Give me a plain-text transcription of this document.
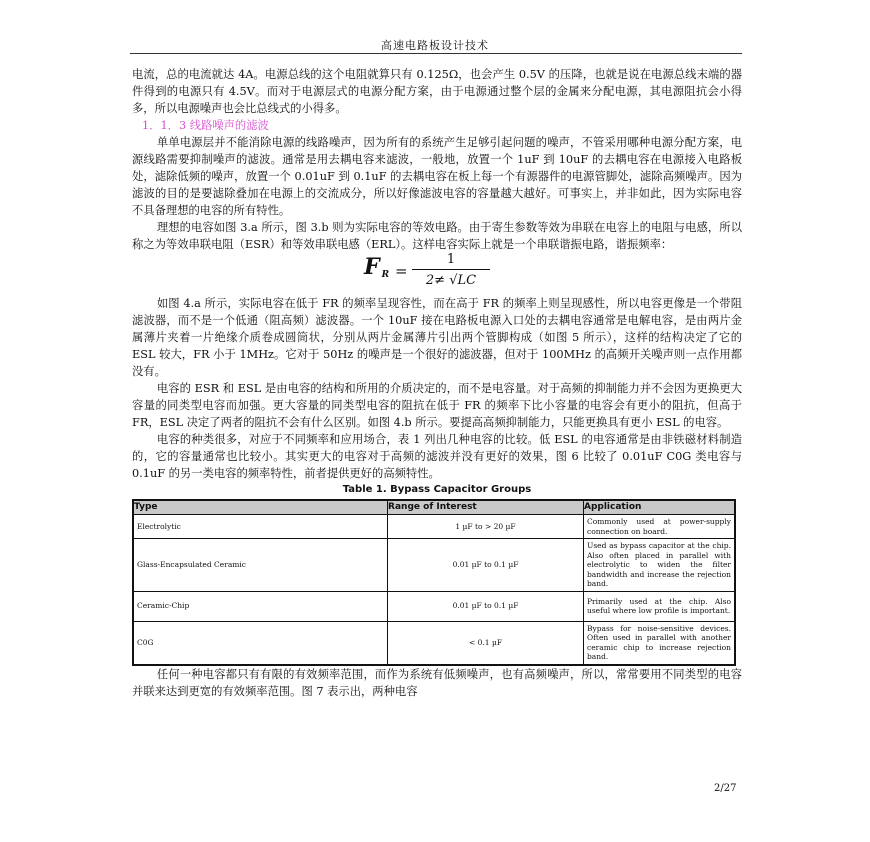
高速电路板设计技术

电流，总的电流就达 4A。电源总线的这个电阻就算只有 0.125Ω，也会产生 0.5V 的压降，也就是说在电源总线末端的器件得到的电源只有 4.5V。而对于电源层式的电源分配方案，由于电源通过整个层的金属来分配电源，其电源阻抗会小得多，所以电源噪声也会比总线式的小得多。

1．1．3 线路噪声的滤波

单单电源层并不能消除电源的线路噪声，因为所有的系统产生足够引起问题的噪声，不管采用哪种电源分配方案，电源线路需要抑制噪声的滤波。通常是用去耦电容来滤波，一般地，放置一个 1uF 到 10uF 的去耦电容在电源接入电路板处，滤除低频的噪声，放置一个 0.01uF 到 0.1uF 的去耦电容在板上每一个有源器件的电源管脚处，滤除高频噪声。因为滤波的目的是要滤除叠加在电源上的交流成分，所以好像滤波电容的容量越大越好。可事实上，并非如此，因为实际电容不具备理想的电容的所有特性。

理想的电容如图 3.a 所示，图 3.b 则为实际电容的等效电路。由于寄生参数等效为串联在电容上的电阻与电感，所以称之为等效串联电阻（ESR）和等效串联电感（ERL）。这样电容实际上就是一个串联谐振电路，谐振频率：

F $_R = \frac{1}{2\ne √LC}$

如图 4.a 所示，实际电容在低于 FR 的频率呈现容性，而在高于 FR 的频率上则呈现感性，所以电容更像是一个带阻滤波器，而不是一个低通（阻高频）滤波器。一个 10uF 接在电路板电源入口处的去耦电容通常是电解电容，是由两片金属薄片夹着一片绝缘介质卷成圆筒状，分别从两片金属薄片引出两个管脚构成（如图 5 所示），这样的结构决定了它的 ESL 较大，FR 小于 1MHz。它对于 50Hz 的噪声是一个很好的滤波器，但对于 100MHz 的高频开关噪声则一点作用都没有。

电容的 ESR 和 ESL 是由电容的结构和所用的介质决定的，而不是电容量。对于高频的抑制能力并不会因为更换更大容量的同类型电容而加强。更大容量的同类型电容的阻抗在低于 FR 的频率下比小容量的电容会有更小的阻抗，但高于 FR，ESL 决定了两者的阻抗不会有什么区别。如图 4.b 所示。要提高高频抑制能力，只能更换具有更小 ESL 的电容。

电容的种类很多，对应于不同频率和应用场合，表 1 列出几种电容的比较。低 ESL 的电容通常是由非铁磁材料制造的，它的容量通常也比较小。其实更大的电容对于高频的滤波并没有更好的效果，图 6 比较了 0.01uF C0G 类电容与 0.1uF 的另一类电容的频率特性，前者提供更好的高频特性。

Table 1. Bypass Capacitor Groups
Type	Range of Interest	Application
Electrolytic	1 µF to > 20 µF	Commonly used at power-supply connection on board.
Glass-Encapsulated Ceramic	0.01 µF to 0.1 µF	Used as bypass capacitor at the chip. Also often placed in parallel with electrolytic to widen the filter bandwidth and increase the rejection band.
Ceramic-Chip	0.01 µF to 0.1 µF	Primarily used at the chip. Also useful where low profile is important.
C0G	< 0.1 µF	Bypass for noise-sensitive devices. Often used in parallel with another ceramic chip to increase rejection band.

任何一种电容都只有有限的有效频率范围，而作为系统有低频噪声，也有高频噪声，所以，常常要用不同类型的电容并联来达到更宽的有效频率范围。图 7 表示出，两种电容

2/27
